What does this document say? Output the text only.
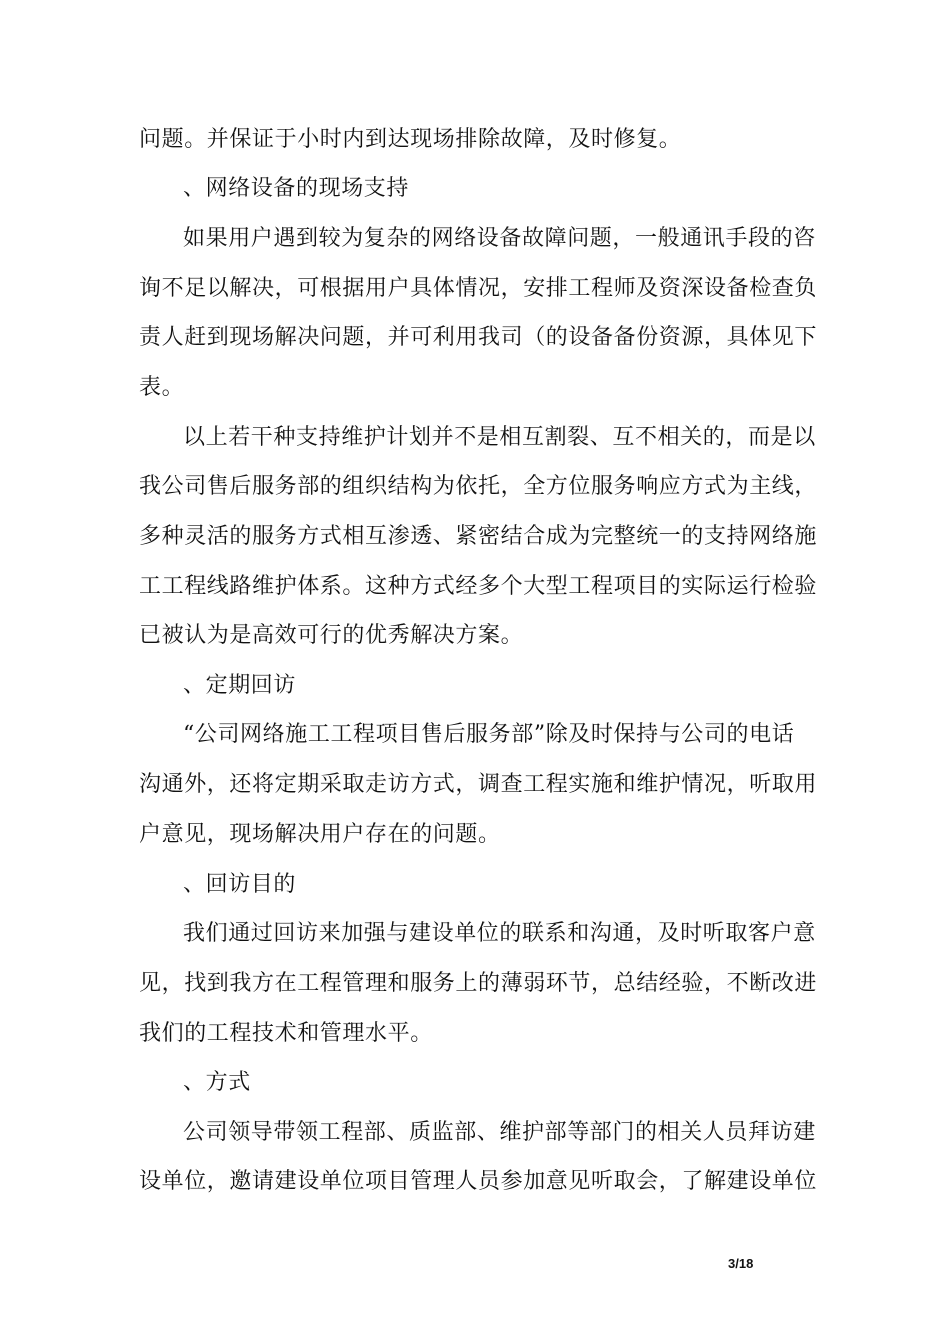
问题。并保证于小时内到达现场排除故障，及时修复。
、网络设备的现场支持
如果用户遇到较为复杂的网络设备故障问题，一般通讯手段的咨
询不足以解决，可根据用户具体情况，安排工程师及资深设备检查负
责人赶到现场解决问题，并可利用我司（的设备备份资源，具体见下
表。
以上若干种支持维护计划并不是相互割裂、互不相关的，而是以
我公司售后服务部的组织结构为依托，全方位服务响应方式为主线，
多种灵活的服务方式相互渗透、紧密结合成为完整统一的支持网络施
工工程线路维护体系。这种方式经多个大型工程项目的实际运行检验
已被认为是高效可行的优秀解决方案。
、定期回访
“公司网络施工工程项目售后服务部”除及时保持与公司的电话
沟通外，还将定期采取走访方式，调查工程实施和维护情况，听取用
户意见，现场解决用户存在的问题。
、回访目的
我们通过回访来加强与建设单位的联系和沟通，及时听取客户意
见，找到我方在工程管理和服务上的薄弱环节，总结经验，不断改进
我们的工程技术和管理水平。
、方式
公司领导带领工程部、质监部、维护部等部门的相关人员拜访建
设单位，邀请建设单位项目管理人员参加意见听取会，了解建设单位
3/18
